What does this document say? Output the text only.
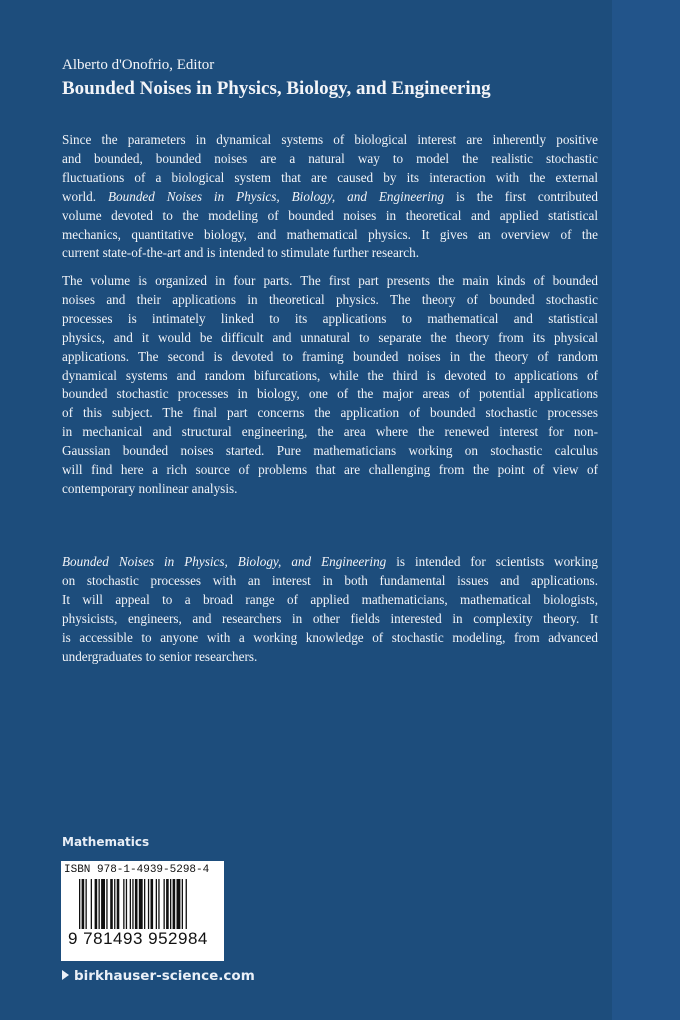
Alberto d'Onofrio, Editor
Bounded Noises in Physics, Biology, and Engineering
Since the parameters in dynamical systems of biological interest are inherently positive
and bounded, bounded noises are a natural way to model the realistic stochastic
fluctuations of a biological system that are caused by its interaction with the external
world. Bounded Noises in Physics, Biology, and Engineering is the first contributed
volume devoted to the modeling of bounded noises in theoretical and applied statistical
mechanics, quantitative biology, and mathematical physics. It gives an overview of the
current state-of-the-art and is intended to stimulate further research.
The volume is organized in four parts. The first part presents the main kinds of bounded
noises and their applications in theoretical physics. The theory of bounded stochastic
processes is intimately linked to its applications to mathematical and statistical
physics, and it would be difficult and unnatural to separate the theory from its physical
applications. The second is devoted to framing bounded noises in the theory of random
dynamical systems and random bifurcations, while the third is devoted to applications of
bounded stochastic processes in biology, one of the major areas of potential applications
of this subject. The final part concerns the application of bounded stochastic processes
in mechanical and structural engineering, the area where the renewed interest for non-
Gaussian bounded noises started. Pure mathematicians working on stochastic calculus
will find here a rich source of problems that are challenging from the point of view of
contemporary nonlinear analysis.
Bounded Noises in Physics, Biology, and Engineering is intended for scientists working
on stochastic processes with an interest in both fundamental issues and applications.
It will appeal to a broad range of applied mathematicians, mathematical biologists,
physicists, engineers, and researchers in other fields interested in complexity theory. It
is accessible to anyone with a working knowledge of stochastic modeling, from advanced
undergraduates to senior researchers.
Mathematics
ISBN 978-1-4939-5298-4
9 781493 952984
birkhauser-science.com
